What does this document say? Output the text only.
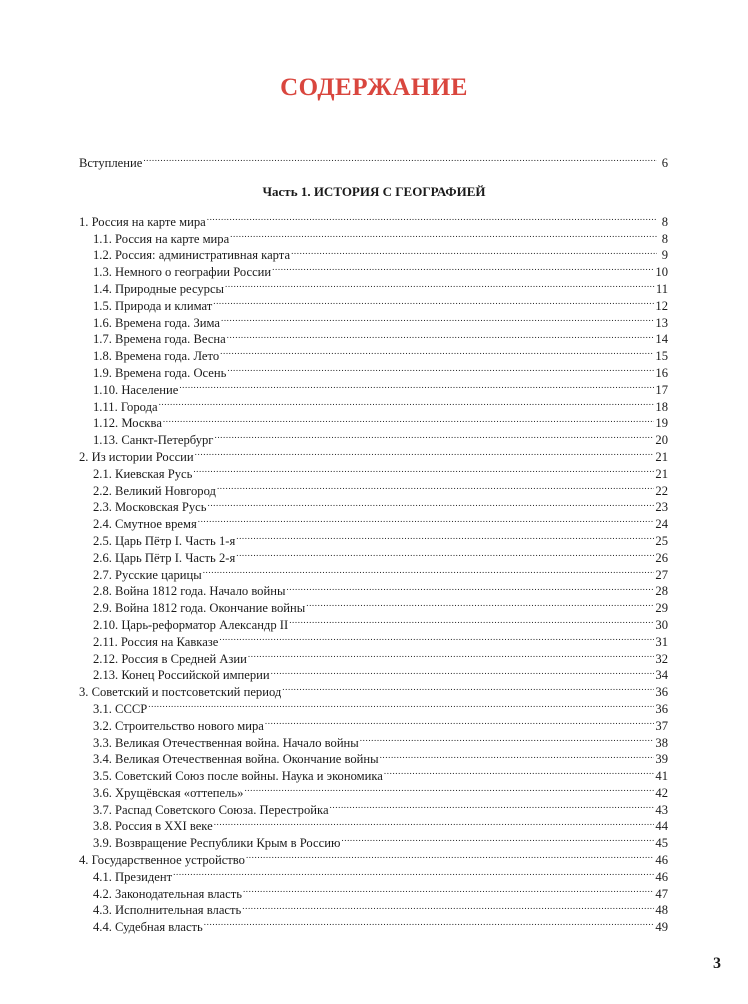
СОДЕРЖАНИЕ
Вступление .....	6
Часть 1. ИСТОРИЯ С ГЕОГРАФИЕЙ
1. Россия на карте мира .....	8
1.1. Россия на карте мира .....	8
1.2. Россия: административная карта .....	9
1.3. Немного о географии России .....	10
1.4. Природные ресурсы .....	11
1.5. Природа и климат .....	12
1.6. Времена года. Зима .....	13
1.7. Времена года. Весна .....	14
1.8. Времена года. Лето .....	15
1.9. Времена года. Осень .....	16
1.10. Население .....	17
1.11. Города .....	18
1.12. Москва .....	19
1.13. Санкт-Петербург .....	20
2. Из истории России .....	21
2.1. Киевская Русь .....	21
2.2. Великий Новгород .....	22
2.3. Московская Русь .....	23
2.4. Смутное время .....	24
2.5. Царь Пётр I. Часть 1-я .....	25
2.6. Царь Пётр I. Часть 2-я .....	26
2.7. Русские царицы .....	27
2.8. Война 1812 года. Начало войны .....	28
2.9. Война 1812 года. Окончание войны .....	29
2.10. Царь-реформатор Александр II .....	30
2.11. Россия на Кавказе .....	31
2.12. Россия в Средней Азии .....	32
2.13. Конец Российской империи .....	34
3. Советский и постсоветский период .....	36
3.1. СССР .....	36
3.2. Строительство нового мира .....	37
3.3. Великая Отечественная война. Начало войны .....	38
3.4. Великая Отечественная война. Окончание войны .....	39
3.5. Советский Союз после войны. Наука и экономика .....	41
3.6. Хрущёвская «оттепель» .....	42
3.7. Распад Советского Союза. Перестройка .....	43
3.8. Россия в XXI веке .....	44
3.9. Возвращение Республики Крым в Россию .....	45
4. Государственное устройство .....	46
4.1. Президент .....	46
4.2. Законодательная власть .....	47
4.3. Исполнительная власть .....	48
4.4. Судебная власть .....	49
3
